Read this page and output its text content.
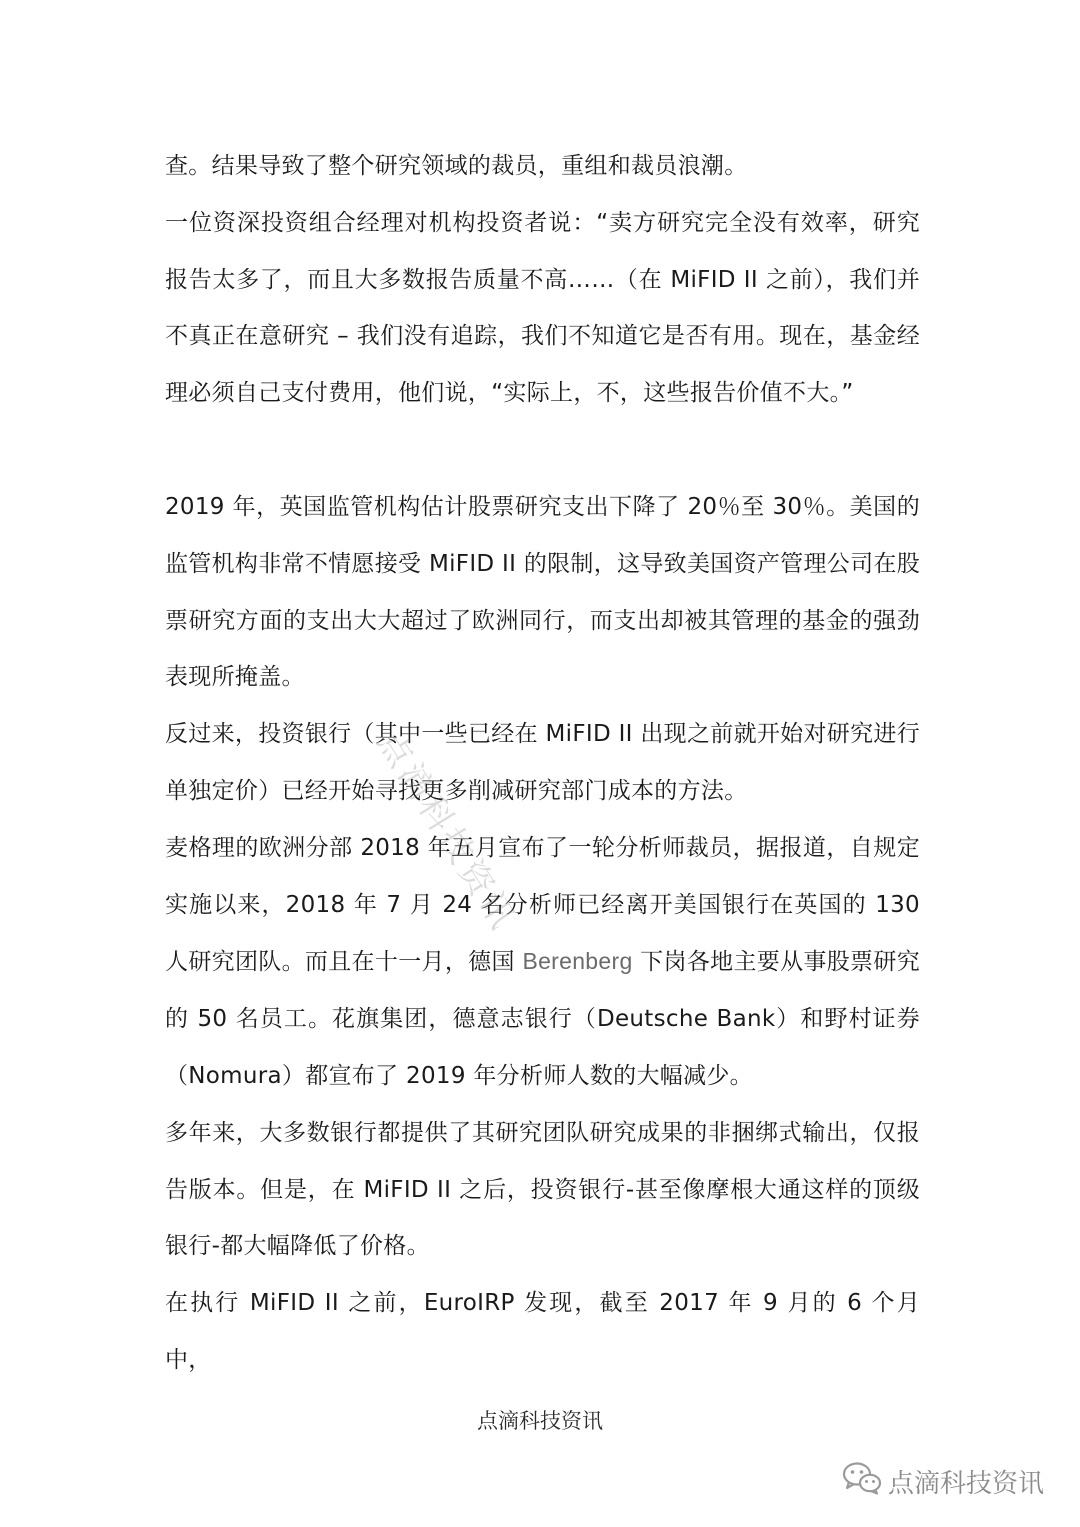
查。结果导致了整个研究领域的裁员，重组和裁员浪潮。

一位资深投资组合经理对机构投资者说：“卖方研究完全没有效率，研究报告太多了，而且大多数报告质量不高……（在 MiFID II 之前），我们并不真正在意研究 – 我们没有追踪，我们不知道它是否有用。现在，基金经理必须自己支付费用，他们说，“实际上，不，这些报告价值不大。”

2019 年，英国监管机构估计股票研究支出下降了 20％至 30％。美国的监管机构非常不情愿接受 MiFID II 的限制，这导致美国资产管理公司在股票研究方面的支出大大超过了欧洲同行，而支出却被其管理的基金的强劲表现所掩盖。

反过来，投资银行（其中一些已经在 MiFID II 出现之前就开始对研究进行单独定价）已经开始寻找更多削减研究部门成本的方法。

麦格理的欧洲分部 2018 年五月宣布了一轮分析师裁员，据报道，自规定实施以来，2018 年 7 月 24 名分析师已经离开美国银行在英国的 130 人研究团队。而且在十一月，德国 Berenberg 下岗各地主要从事股票研究的 50 名员工。花旗集团，德意志银行（Deutsche Bank）和野村证券（Nomura）都宣布了 2019 年分析师人数的大幅减少。

多年来，大多数银行都提供了其研究团队研究成果的非捆绑式输出，仅报告版本。但是，在 MiFID II 之后，投资银行-甚至像摩根大通这样的顶级银行-都大幅降低了价格。

在执行 MiFID II 之前，EuroIRP 发现，截至 2017 年 9 月的 6 个月中，

点滴科技资讯
点滴科技资讯
点滴科技资讯
